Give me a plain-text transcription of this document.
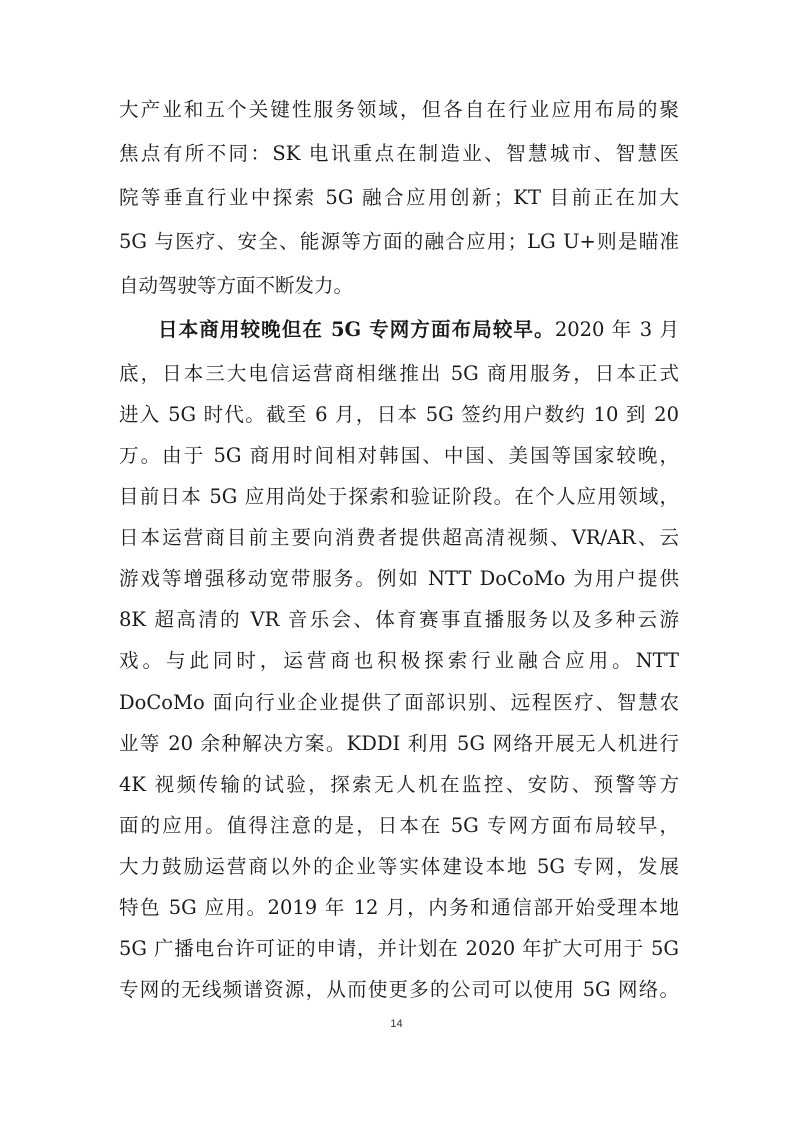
大产业和五个关键性服务领域，但各自在行业应用布局的聚
焦点有所不同：SK 电讯重点在制造业、智慧城市、智慧医
院等垂直行业中探索 5G 融合应用创新；KT 目前正在加大
5G 与医疗、安全、能源等方面的融合应用；LG U+则是瞄准
自动驾驶等方面不断发力。
日本商用较晚但在 5G 专网方面布局较早。2020 年 3 月
底，日本三大电信运营商相继推出 5G 商用服务，日本正式
进入 5G 时代。截至 6 月，日本 5G 签约用户数约 10 到 20
万。由于 5G 商用时间相对韩国、中国、美国等国家较晚，
目前日本 5G 应用尚处于探索和验证阶段。在个人应用领域，
日本运营商目前主要向消费者提供超高清视频、VR/AR、云
游戏等增强移动宽带服务。例如 NTT DoCoMo 为用户提供
8K 超高清的 VR 音乐会、体育赛事直播服务以及多种云游
戏。与此同时，运营商也积极探索行业融合应用。NTT
DoCoMo 面向行业企业提供了面部识别、远程医疗、智慧农
业等 20 余种解决方案。KDDI 利用 5G 网络开展无人机进行
4K 视频传输的试验，探索无人机在监控、安防、预警等方
面的应用。值得注意的是，日本在 5G 专网方面布局较早，
大力鼓励运营商以外的企业等实体建设本地 5G 专网，发展
特色 5G 应用。2019 年 12 月，内务和通信部开始受理本地
5G 广播电台许可证的申请，并计划在 2020 年扩大可用于 5G
14
专网的无线频谱资源，从而使更多的公司可以使用 5G 网络。
